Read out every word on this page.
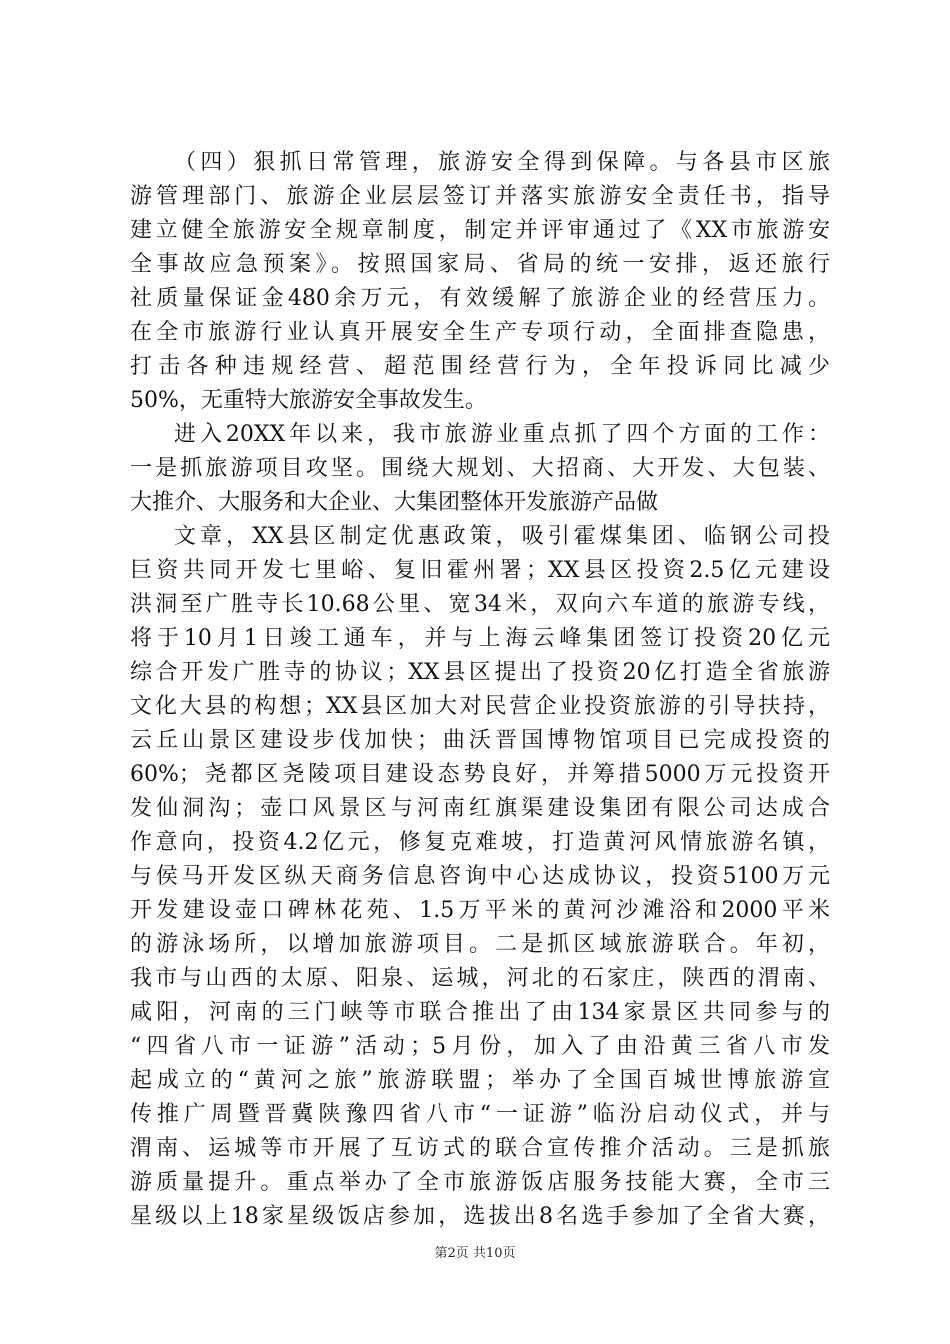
（四）狠抓日常管理，旅游安全得到保障。与各县市区旅
游管理部门、旅游企业层层签订并落实旅游安全责任书，指导
建立健全旅游安全规章制度，制定并评审通过了《XX市旅游安
全事故应急预案》。按照国家局、省局的统一安排，返还旅行
社质量保证金480余万元，有效缓解了旅游企业的经营压力。
在全市旅游行业认真开展安全生产专项行动，全面排查隐患，
打击各种违规经营、超范围经营行为，全年投诉同比减少
50%，无重特大旅游安全事故发生。
进入20XX年以来，我市旅游业重点抓了四个方面的工作：
一是抓旅游项目攻坚。围绕大规划、大招商、大开发、大包装、
大推介、大服务和大企业、大集团整体开发旅游产品做
文章，XX县区制定优惠政策，吸引霍煤集团、临钢公司投
巨资共同开发七里峪、复旧霍州署；XX县区投资2.5亿元建设
洪洞至广胜寺长10.68公里、宽34米，双向六车道的旅游专线，
将于10月1日竣工通车，并与上海云峰集团签订投资20亿元
综合开发广胜寺的协议；XX县区提出了投资20亿打造全省旅游
文化大县的构想；XX县区加大对民营企业投资旅游的引导扶持，
云丘山景区建设步伐加快；曲沃晋国博物馆项目已完成投资的
60%；尧都区尧陵项目建设态势良好，并筹措5000万元投资开
发仙洞沟；壶口风景区与河南红旗渠建设集团有限公司达成合
作意向，投资4.2亿元，修复克难坡，打造黄河风情旅游名镇，
与侯马开发区纵天商务信息咨询中心达成协议，投资5100万元
开发建设壶口碑林花苑、1.5万平米的黄河沙滩浴和2000平米
的游泳场所，以增加旅游项目。二是抓区域旅游联合。年初，
我市与山西的太原、阳泉、运城，河北的石家庄，陕西的渭南、
咸阳，河南的三门峡等市联合推出了由134家景区共同参与的
“四省八市一证游”活动；5月份，加入了由沿黄三省八市发
起成立的“黄河之旅”旅游联盟；举办了全国百城世博旅游宣
传推广周暨晋冀陕豫四省八市“一证游”临汾启动仪式，并与
渭南、运城等市开展了互访式的联合宣传推介活动。三是抓旅
游质量提升。重点举办了全市旅游饭店服务技能大赛，全市三
星级以上18家星级饭店参加，选拔出8名选手参加了全省大赛，
第2页 共10页
